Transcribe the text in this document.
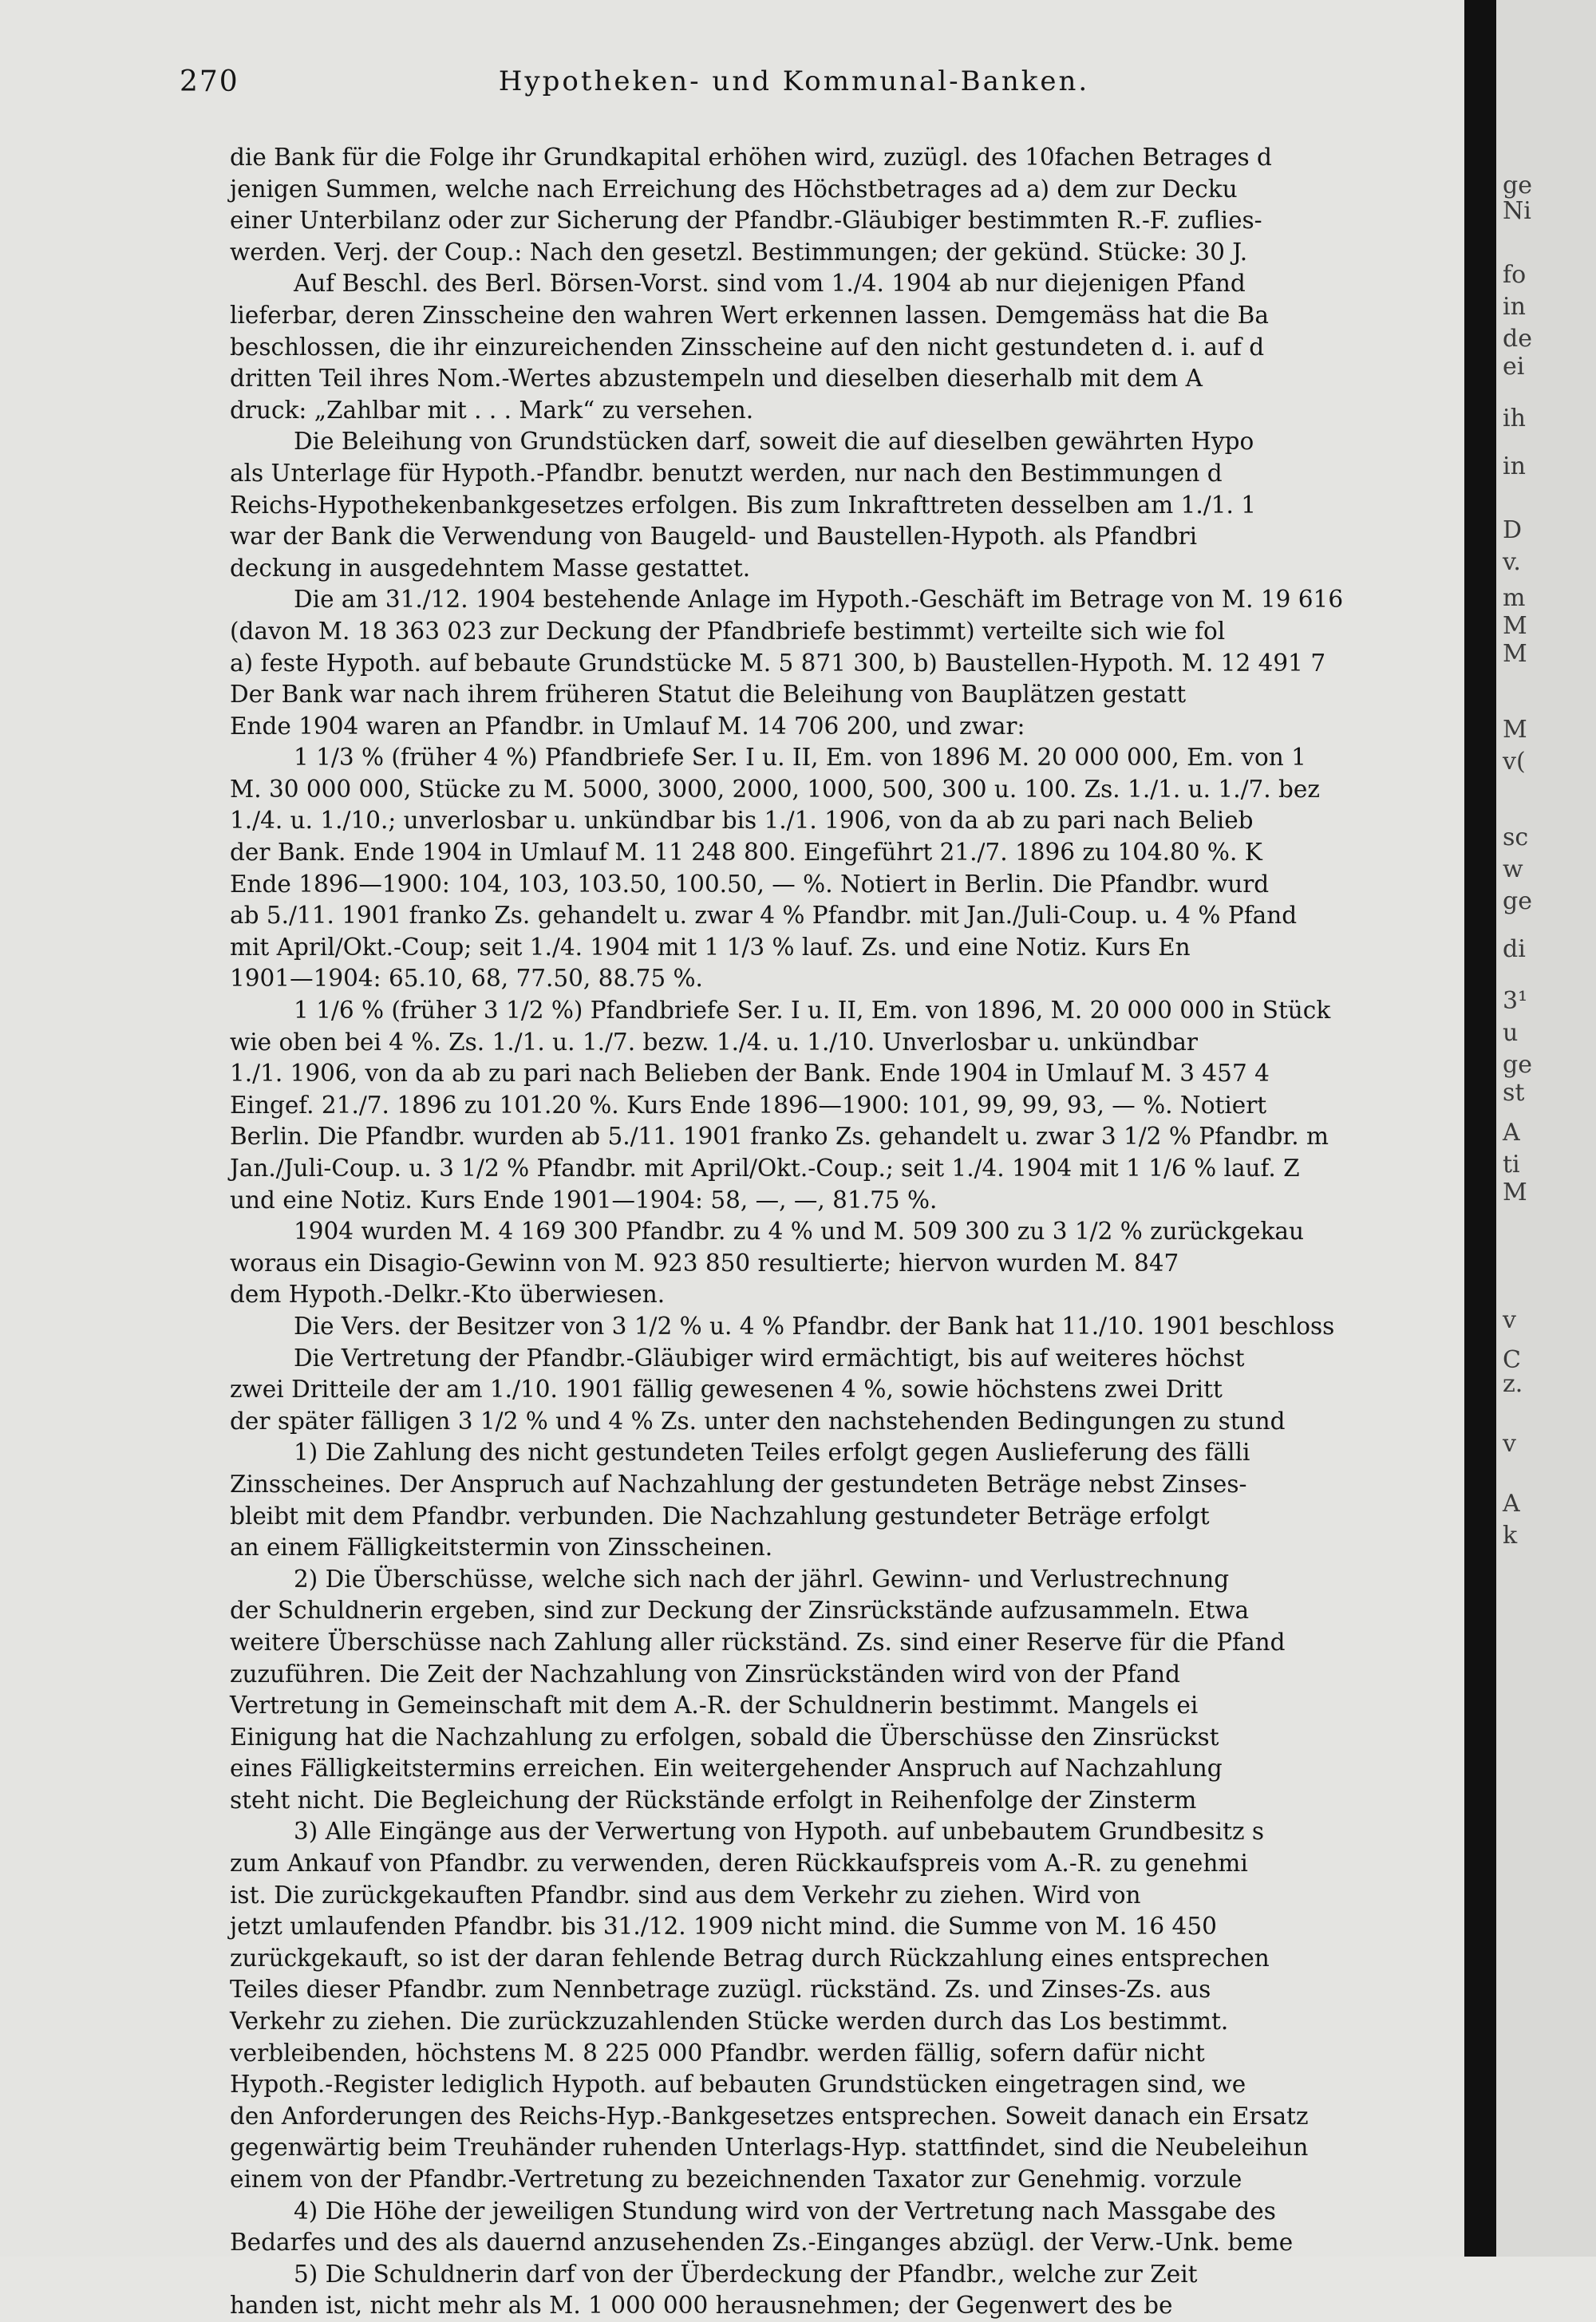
270	Hypotheken- und Kommunal-Banken.
die Bank für die Folge ihr Grundkapital erhöhen wird, zuzügl. des 10fachen Betrages d
jenigen Summen, welche nach Erreichung des Höchstbetrages ad a) dem zur Decku
einer Unterbilanz oder zur Sicherung der Pfandbr.-Gläubiger bestimmten R.-F. zuflies-
werden. Verj. der Coup.: Nach den gesetzl. Bestimmungen; der gekünd. Stücke: 30 J.
Auf Beschl. des Berl. Börsen-Vorst. sind vom 1./4. 1904 ab nur diejenigen Pfand
lieferbar, deren Zinsscheine den wahren Wert erkennen lassen. Demgemäss hat die Ba
beschlossen, die ihr einzureichenden Zinsscheine auf den nicht gestundeten d. i. auf d
dritten Teil ihres Nom.-Wertes abzustempeln und dieselben dieserhalb mit dem A
druck: „Zahlbar mit . . . Mark“ zu versehen.
Die Beleihung von Grundstücken darf, soweit die auf dieselben gewährten Hypo
als Unterlage für Hypoth.-Pfandbr. benutzt werden, nur nach den Bestimmungen d
Reichs-Hypothekenbankgesetzes erfolgen. Bis zum Inkrafttreten desselben am 1./1. 1
war der Bank die Verwendung von Baugeld- und Baustellen-Hypoth. als Pfandbri
deckung in ausgedehntem Masse gestattet.
Die am 31./12. 1904 bestehende Anlage im Hypoth.-Geschäft im Betrage von M. 19 616
(davon M. 18 363 023 zur Deckung der Pfandbriefe bestimmt) verteilte sich wie fol
a) feste Hypoth. auf bebaute Grundstücke M. 5 871 300, b) Baustellen-Hypoth. M. 12 491 7
Der Bank war nach ihrem früheren Statut die Beleihung von Bauplätzen gestatt
Ende 1904 waren an Pfandbr. in Umlauf M. 14 706 200, und zwar:
1 1/3 % (früher 4 %) Pfandbriefe Ser. I u. II, Em. von 1896 M. 20 000 000, Em. von 1
M. 30 000 000, Stücke zu M. 5000, 3000, 2000, 1000, 500, 300 u. 100. Zs. 1./1. u. 1./7. bez
1./4. u. 1./10.; unverlosbar u. unkündbar bis 1./1. 1906, von da ab zu pari nach Belieb
der Bank. Ende 1904 in Umlauf M. 11 248 800. Eingeführt 21./7. 1896 zu 104.80 %. K
Ende 1896—1900: 104, 103, 103.50, 100.50, — %. Notiert in Berlin. Die Pfandbr. wurd
ab 5./11. 1901 franko Zs. gehandelt u. zwar 4 % Pfandbr. mit Jan./Juli-Coup. u. 4 % Pfand
mit April/Okt.-Coup; seit 1./4. 1904 mit 1 1/3 % lauf. Zs. und eine Notiz. Kurs En
1901—1904: 65.10, 68, 77.50, 88.75 %.
1 1/6 % (früher 3 1/2 %) Pfandbriefe Ser. I u. II, Em. von 1896, M. 20 000 000 in Stück
wie oben bei 4 %. Zs. 1./1. u. 1./7. bezw. 1./4. u. 1./10. Unverlosbar u. unkündbar
1./1. 1906, von da ab zu pari nach Belieben der Bank. Ende 1904 in Umlauf M. 3 457 4
Eingef. 21./7. 1896 zu 101.20 %. Kurs Ende 1896—1900: 101, 99, 99, 93, — %. Notiert
Berlin. Die Pfandbr. wurden ab 5./11. 1901 franko Zs. gehandelt u. zwar 3 1/2 % Pfandbr. m
Jan./Juli-Coup. u. 3 1/2 % Pfandbr. mit April/Okt.-Coup.; seit 1./4. 1904 mit 1 1/6 % lauf. Z
und eine Notiz. Kurs Ende 1901—1904: 58, —, —, 81.75 %.
1904 wurden M. 4 169 300 Pfandbr. zu 4 % und M. 509 300 zu 3 1/2 % zurückgekau
woraus ein Disagio-Gewinn von M. 923 850 resultierte; hiervon wurden M. 847
dem Hypoth.-Delkr.-Kto überwiesen.
Die Vers. der Besitzer von 3 1/2 % u. 4 % Pfandbr. der Bank hat 11./10. 1901 beschloss
Die Vertretung der Pfandbr.-Gläubiger wird ermächtigt, bis auf weiteres höchst
zwei Dritteile der am 1./10. 1901 fällig gewesenen 4 %, sowie höchstens zwei Dritt
der später fälligen 3 1/2 % und 4 % Zs. unter den nachstehenden Bedingungen zu stund
1) Die Zahlung des nicht gestundeten Teiles erfolgt gegen Auslieferung des fälli
Zinsscheines. Der Anspruch auf Nachzahlung der gestundeten Beträge nebst Zinses-
bleibt mit dem Pfandbr. verbunden. Die Nachzahlung gestundeter Beträge erfolgt
an einem Fälligkeitstermin von Zinsscheinen.
2) Die Überschüsse, welche sich nach der jährl. Gewinn- und Verlustrechnung
der Schuldnerin ergeben, sind zur Deckung der Zinsrückstände aufzusammeln. Etwa
weitere Überschüsse nach Zahlung aller rückständ. Zs. sind einer Reserve für die Pfand
zuzuführen. Die Zeit der Nachzahlung von Zinsrückständen wird von der Pfand
Vertretung in Gemeinschaft mit dem A.-R. der Schuldnerin bestimmt. Mangels ei
Einigung hat die Nachzahlung zu erfolgen, sobald die Überschüsse den Zinsrückst
eines Fälligkeitstermins erreichen. Ein weitergehender Anspruch auf Nachzahlung
steht nicht. Die Begleichung der Rückstände erfolgt in Reihenfolge der Zinsterm
3) Alle Eingänge aus der Verwertung von Hypoth. auf unbebautem Grundbesitz s
zum Ankauf von Pfandbr. zu verwenden, deren Rückkaufspreis vom A.-R. zu genehmi
ist. Die zurückgekauften Pfandbr. sind aus dem Verkehr zu ziehen. Wird von
jetzt umlaufenden Pfandbr. bis 31./12. 1909 nicht mind. die Summe von M. 16 450
zurückgekauft, so ist der daran fehlende Betrag durch Rückzahlung eines entsprechen
Teiles dieser Pfandbr. zum Nennbetrage zuzügl. rückständ. Zs. und Zinses-Zs. aus
Verkehr zu ziehen. Die zurückzuzahlenden Stücke werden durch das Los bestimmt.
verbleibenden, höchstens M. 8 225 000 Pfandbr. werden fällig, sofern dafür nicht
Hypoth.-Register lediglich Hypoth. auf bebauten Grundstücken eingetragen sind, we
den Anforderungen des Reichs-Hyp.-Bankgesetzes entsprechen. Soweit danach ein Ersatz
gegenwärtig beim Treuhänder ruhenden Unterlags-Hyp. stattfindet, sind die Neubeleihun
einem von der Pfandbr.-Vertretung zu bezeichnenden Taxator zur Genehmig. vorzule
4) Die Höhe der jeweiligen Stundung wird von der Vertretung nach Massgabe des
Bedarfes und des als dauernd anzusehenden Zs.-Einganges abzügl. der Verw.-Unk. beme
5) Die Schuldnerin darf von der Überdeckung der Pfandbr., welche zur Zeit
handen ist, nicht mehr als M. 1 000 000 herausnehmen; der Gegenwert des be
ge
Ni
fo
in
de
ei
ih
in
D
v.
m
M
M
M
v(
sc
w
ge
di
3¹
u
ge
st
A
ti
M
v
C
z.
v
A
k
